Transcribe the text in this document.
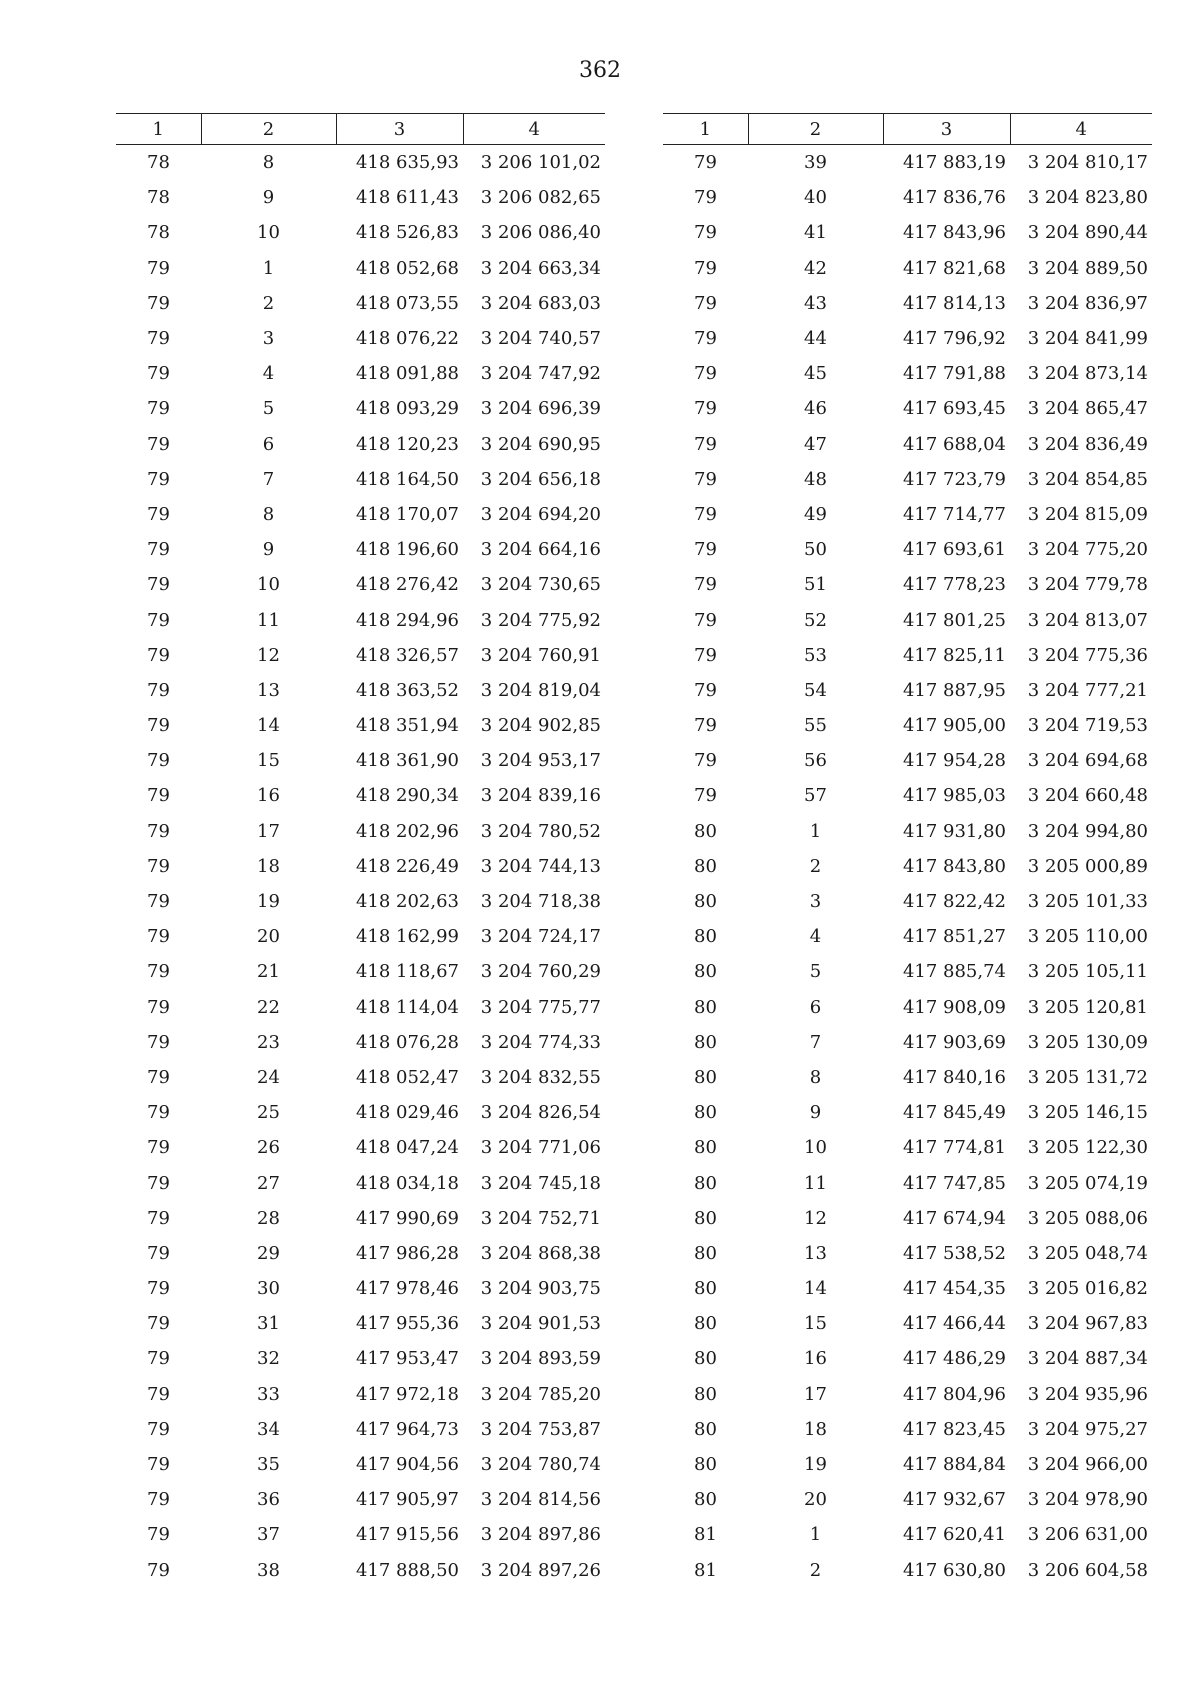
362
1	2	3	4
78	8	418 635,93	3 206 101,02
78	9	418 611,43	3 206 082,65
78	10	418 526,83	3 206 086,40
79	1	418 052,68	3 204 663,34
79	2	418 073,55	3 204 683,03
79	3	418 076,22	3 204 740,57
79	4	418 091,88	3 204 747,92
79	5	418 093,29	3 204 696,39
79	6	418 120,23	3 204 690,95
79	7	418 164,50	3 204 656,18
79	8	418 170,07	3 204 694,20
79	9	418 196,60	3 204 664,16
79	10	418 276,42	3 204 730,65
79	11	418 294,96	3 204 775,92
79	12	418 326,57	3 204 760,91
79	13	418 363,52	3 204 819,04
79	14	418 351,94	3 204 902,85
79	15	418 361,90	3 204 953,17
79	16	418 290,34	3 204 839,16
79	17	418 202,96	3 204 780,52
79	18	418 226,49	3 204 744,13
79	19	418 202,63	3 204 718,38
79	20	418 162,99	3 204 724,17
79	21	418 118,67	3 204 760,29
79	22	418 114,04	3 204 775,77
79	23	418 076,28	3 204 774,33
79	24	418 052,47	3 204 832,55
79	25	418 029,46	3 204 826,54
79	26	418 047,24	3 204 771,06
79	27	418 034,18	3 204 745,18
79	28	417 990,69	3 204 752,71
79	29	417 986,28	3 204 868,38
79	30	417 978,46	3 204 903,75
79	31	417 955,36	3 204 901,53
79	32	417 953,47	3 204 893,59
79	33	417 972,18	3 204 785,20
79	34	417 964,73	3 204 753,87
79	35	417 904,56	3 204 780,74
79	36	417 905,97	3 204 814,56
79	37	417 915,56	3 204 897,86
79	38	417 888,50	3 204 897,26
1	2	3	4
79	39	417 883,19	3 204 810,17
79	40	417 836,76	3 204 823,80
79	41	417 843,96	3 204 890,44
79	42	417 821,68	3 204 889,50
79	43	417 814,13	3 204 836,97
79	44	417 796,92	3 204 841,99
79	45	417 791,88	3 204 873,14
79	46	417 693,45	3 204 865,47
79	47	417 688,04	3 204 836,49
79	48	417 723,79	3 204 854,85
79	49	417 714,77	3 204 815,09
79	50	417 693,61	3 204 775,20
79	51	417 778,23	3 204 779,78
79	52	417 801,25	3 204 813,07
79	53	417 825,11	3 204 775,36
79	54	417 887,95	3 204 777,21
79	55	417 905,00	3 204 719,53
79	56	417 954,28	3 204 694,68
79	57	417 985,03	3 204 660,48
80	1	417 931,80	3 204 994,80
80	2	417 843,80	3 205 000,89
80	3	417 822,42	3 205 101,33
80	4	417 851,27	3 205 110,00
80	5	417 885,74	3 205 105,11
80	6	417 908,09	3 205 120,81
80	7	417 903,69	3 205 130,09
80	8	417 840,16	3 205 131,72
80	9	417 845,49	3 205 146,15
80	10	417 774,81	3 205 122,30
80	11	417 747,85	3 205 074,19
80	12	417 674,94	3 205 088,06
80	13	417 538,52	3 205 048,74
80	14	417 454,35	3 205 016,82
80	15	417 466,44	3 204 967,83
80	16	417 486,29	3 204 887,34
80	17	417 804,96	3 204 935,96
80	18	417 823,45	3 204 975,27
80	19	417 884,84	3 204 966,00
80	20	417 932,67	3 204 978,90
81	1	417 620,41	3 206 631,00
81	2	417 630,80	3 206 604,58
